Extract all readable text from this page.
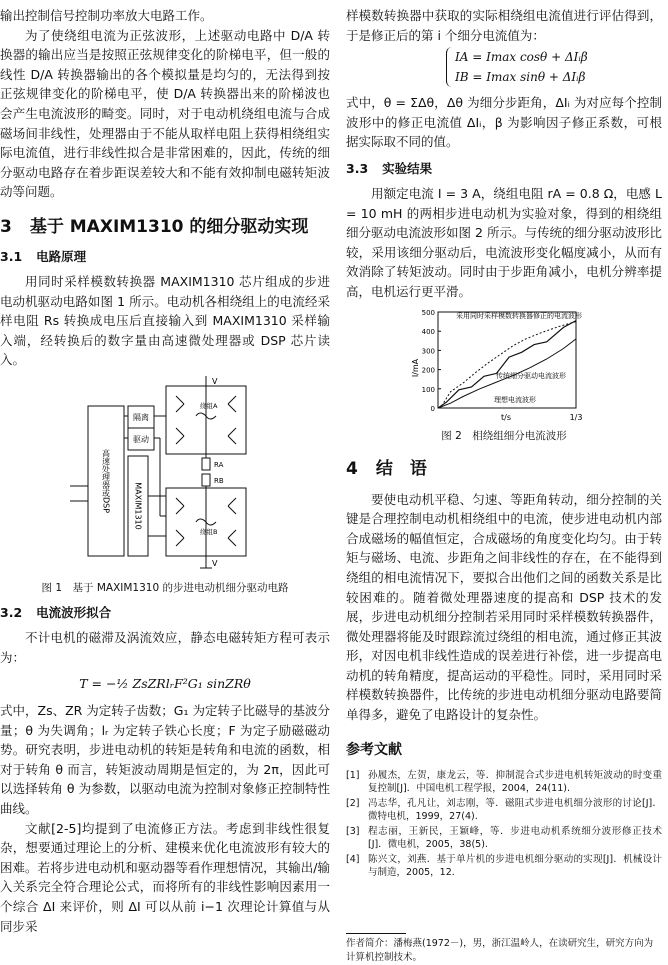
输出控制信号控制功率放大电路工作。

为了使绕组电流为正弦波形，上述驱动电路中 D/A 转换器的输出应当是按照正弦规律变化的阶梯电平，但一般的线性 D/A 转换器输出的各个模拟量是均匀的，无法得到按正弦规律变化的阶梯电平，使 D/A 转换器出来的阶梯波也会产生电流波形的畸变。同时，对于电动机绕组电流与合成磁场间非线性，处理器由于不能从取样电阻上获得相绕组实际电流值，进行非线性拟合是非常困难的，因此，传统的细分驱动电路存在着步距误差较大和不能有效抑制电磁转矩波动等问题。

3 基于 MAXIM1310 的细分驱动实现
3.1 电路原理

用同时采样模数转换器 MAXIM1310 芯片组成的步进电动机驱动电路如图 1 所示。电动机各相绕组上的电流经采样电阻 Rs 转换成电压后直接输入到 MAXIM1310 采样输入端，经转换后的数字量由高速微处理器或 DSP 芯片读入。

高速处理器或DSP	MAXIM1310
隔离
驱动
V
V
RA
RB
绕组A
绕组B
图 1　基于 MAXIM1310 的步进电动机细分驱动电路
3.2 电流波形拟合

不计电机的磁滞及涡流效应，静态电磁转矩方程可表示为：

T = −½ ZsZRlᵣF²G₁ sinZRθ

式中，Zs、ZR 为定转子齿数；G₁ 为定转子比磁导的基波分量；θ 为失调角；lᵣ 为定转子铁心长度；F 为定子励磁磁动势。研究表明，步进电动机的转矩是转角和电流的函数，相对于转角 θ 而言，转矩波动周期是恒定的，为 2π，因此可以选择转角 θ 为参数，以驱动电流为控制对象修正控制特性曲线。

文献[2-5]均提到了电流修正方法。考虑到非线性很复杂，想要通过理论上的分析、建模来优化电流波形有较大的困难。若将步进电动机和驱动器等看作理想情况，其输出/输入关系完全符合理论公式，而将所有的非线性影响因素用一个综合 ΔI 来评价，则 ΔI 可以从前 i−1 次理论计算值与从同步采

样模数转换器中获取的实际相绕组电流值进行评估得到，于是修正后的第 i 个细分电流值为：

IA = Imax cosθ + ΔIᵢβ
IB = Imax sinθ + ΔIᵢβ

式中，θ = ΣΔθ，Δθ 为细分步距角，ΔIᵢ 为对应每个控制波形中的修正电流值 ΔIᵢ，β 为影响因子修正系数，可根据实际取不同的值。

3.3 实验结果

用额定电流 I = 3 A，绕组电阻 rA = 0.8 Ω，电感 L = 10 mH 的两相步进电动机为实验对象，得到的相绕组细分驱动电流波形如图 2 所示。与传统的细分驱动波形比较，采用该细分驱动后，电流波形变化幅度减小，从而有效消除了转矩波动。同时由于步距角减小，电机分辨率提高，电机运行更平滑。

0
100
200
300
400
500
I/mA
t/s	1/3
采用同时采样模数转换器修正的电流波形
传统细分驱动电流波形
理想电流波形
图 2　相绕组细分电流波形
4 结　语

要使电动机平稳、匀速、等距角转动，细分控制的关键是合理控制电动机相绕组中的电流，使步进电动机内部合成磁场的幅值恒定，合成磁场的角度变化均匀。由于转矩与磁场、电流、步距角之间非线性的存在，在不能得到绕组的相电流情况下，要拟合出他们之间的函数关系是比较困难的。随着微处理器速度的提高和 DSP 技术的发展，步进电动机细分控制若采用同时采样模数转换器件，微处理器将能及时跟踪流过绕组的相电流，通过修正其波形，对因电机非线性造成的误差进行补偿，进一步提高电动机的转角精度，提高运动的平稳性。同时，采用同时采样模数转换器件，比传统的步进电动机细分驱动电路要简单得多，避免了电路设计的复杂性。

参考文献
[1] 孙履杰，左贺，康龙云，等．抑制混合式步进电机转矩波动的时变重复控制[J]．中国电机工程学报，2004，24(11).
[2] 冯志华，孔凡让，刘志刚，等．磁阻式步进电机细分波形的讨论[J]．微特电机，1999，27(4).
[3] 程志丽，王新民，王颖峰，等．步进电动机系统细分波形修正技术[J]．微电机，2005，38(5).
[4] 陈兴文，刘燕．基于单片机的步进电机细分驱动的实现[J]．机械设计与制造，2005，12.
作者简介：潘梅燕(1972－)，男，浙江温岭人，在读研究生，研究方向为计算机控制技术。
